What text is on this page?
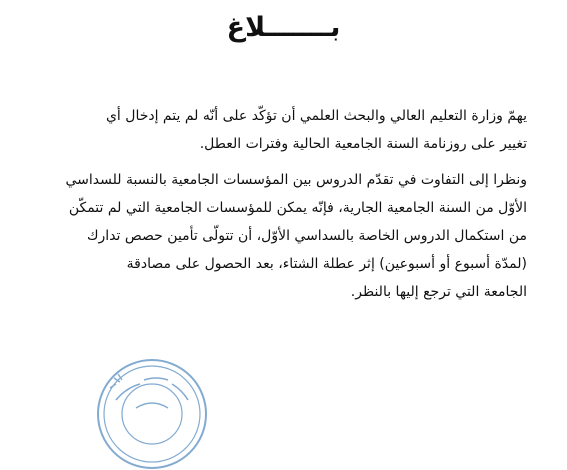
بـــــــلاغ
يهمّ وزارة التعليم العالي والبحث العلمي أن تؤكّد على أنّه لم يتم إدخال أي
تغيير على روزنامة السنة الجامعية الحالية وفترات العطل.
ونظرا إلى التفاوت في تقدّم الدروس بين المؤسسات الجامعية بالنسبة للسداسي
الأوّل من السنة الجامعية الجارية، فإنّه يمكن للمؤسسات الجامعية التي لم تتمكّن
من استكمال الدروس الخاصة بالسداسي الأوّل، أن تتولّى تأمين حصص تدارك
(لمدّة أسبوع أو أسبوعين) إثر عطلة الشتاء، بعد الحصول على مصادقة
الجامعة التي ترجع إليها بالنظر.
